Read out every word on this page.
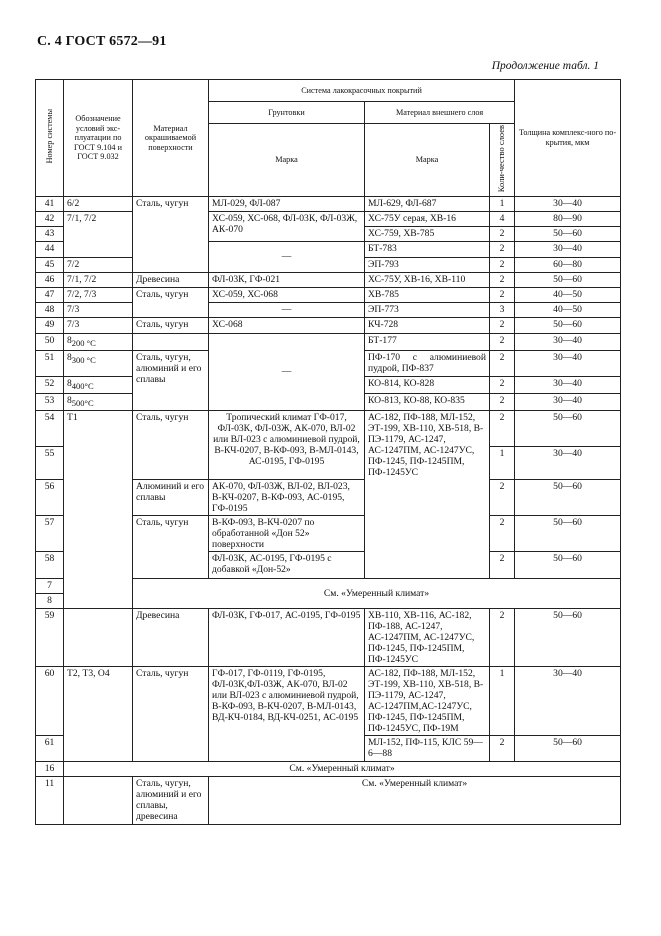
С. 4 ГОСТ 6572—91
Продолжение табл. 1
Номер системы	Обозначение условий экс-плуатации по ГОСТ 9.104 и ГОСТ 9.032	Материал окрашиваемой поверхности	Система лакокрасочных покрытий			Толщина комплекс-ного по-крытия, мкм
			Грунтовки	Материал внешнего слоя		
			Марка	Марка	Коли-чество слоев	
41	6/2	Сталь, чугун	МЛ-029, ФЛ-087	МЛ-629, ФЛ-687	1	30—40
42	7/1, 7/2		ХС-059, ХС-068, ФЛ-03К, ФЛ-03Ж, АК-070	ХС-75У серая, ХВ-16	4	80—90
43				ХС-759, ХВ-785	2	50—60
44			—	БТ-783	2	30—40
45	7/2			ЭП-793	2	60—80
46	7/1, 7/2	Древесина	ФЛ-03К, ГФ-021	ХС-75У, ХВ-16, ХВ-110	2	50—60
47	7/2, 7/3	Сталь, чугун	ХС-059, ХС-068	ХВ-785	2	40—50
48	7/3		—	ЭП-773	3	40—50
49	7/3	Сталь, чугун	ХС-068	КЧ-728	2	50—60
50	$8_{200 ^\circ С}$		—	БТ-177	2	30—40
51	$8_{300 ^\circ С}$	Сталь, чугун, алюминий и его сплавы		ПФ-170 с алюминиевой пудрой, ПФ-837	2	30—40
52	$8_{400^\circ С}$			КО-814, КО-828	2	30—40
53	$8_{500^\circ С}$			КО-813, КО-88, КО-835	2	30—40
54	Т1	Сталь, чугун	Тропический климат ГФ-017, ФЛ-03К, ФЛ-03Ж, АК-070, ВЛ-02 или ВЛ-023 с алюминиевой пудрой, В-КЧ-0207, В-КФ-093, В-МЛ-0143, АС-0195, ГФ-0195	АС-182, ПФ-188, МЛ-152, ЭТ-199, ХВ-110, ХВ-518, В-ПЭ-1179, АС-1247, АС-1247ПМ, АС-1247УС, ПФ-1245, ПФ-1245ПМ, ПФ-1245УС	2	50—60
55					1	30—40
56		Алюминий и его сплавы	АК-070, ФЛ-03Ж, ВЛ-02, ВЛ-023, В-КЧ-0207, В-КФ-093, АС-0195, ГФ-0195		2	50—60
57		Сталь, чугун	В-КФ-093, В-КЧ-0207 по обработанной «Дон 52» поверхности		2	50—60
58			ФЛ-03К, АС-0195, ГФ-0195 с добавкой «Дон-52»		2	50—60
7		См. «Умеренный климат»				
8						
59		Древесина	ФЛ-03К, ГФ-017, АС-0195, ГФ-0195	ХВ-110, ХВ-116, АС-182, ПФ-188, АС-1247, АС-1247ПМ, АС-1247УС, ПФ-1245, ПФ-1245ПМ, ПФ-1245УС	2	50—60
60	Т2, Т3, О4	Сталь, чугун	ГФ-017, ГФ-0119, ГФ-0195, ФЛ-03К,ФЛ-03Ж, АК-070, ВЛ-02 или ВЛ-023 с алюминиевой пудрой, В-КФ-093, В-КЧ-0207, В-МЛ-0143, ВД-КЧ-0184, ВД-КЧ-0251, АС-0195	АС-182, ПФ-188, МЛ-152, ЭТ-199, ХВ-110, ХВ-518, В-ПЭ-1179, АС-1247, АС-1247ПМ,АС-1247УС, ПФ-1245, ПФ-1245ПМ, ПФ-1245УС, ПФ-19М	1	30—40
61				МЛ-152, ПФ-115, КЛС 59—6—88	2	50—60
16	См. «Умеренный климат»					
11		Сталь, чугун, алюминий и его сплавы, древесина	См. «Умеренный климат»			
